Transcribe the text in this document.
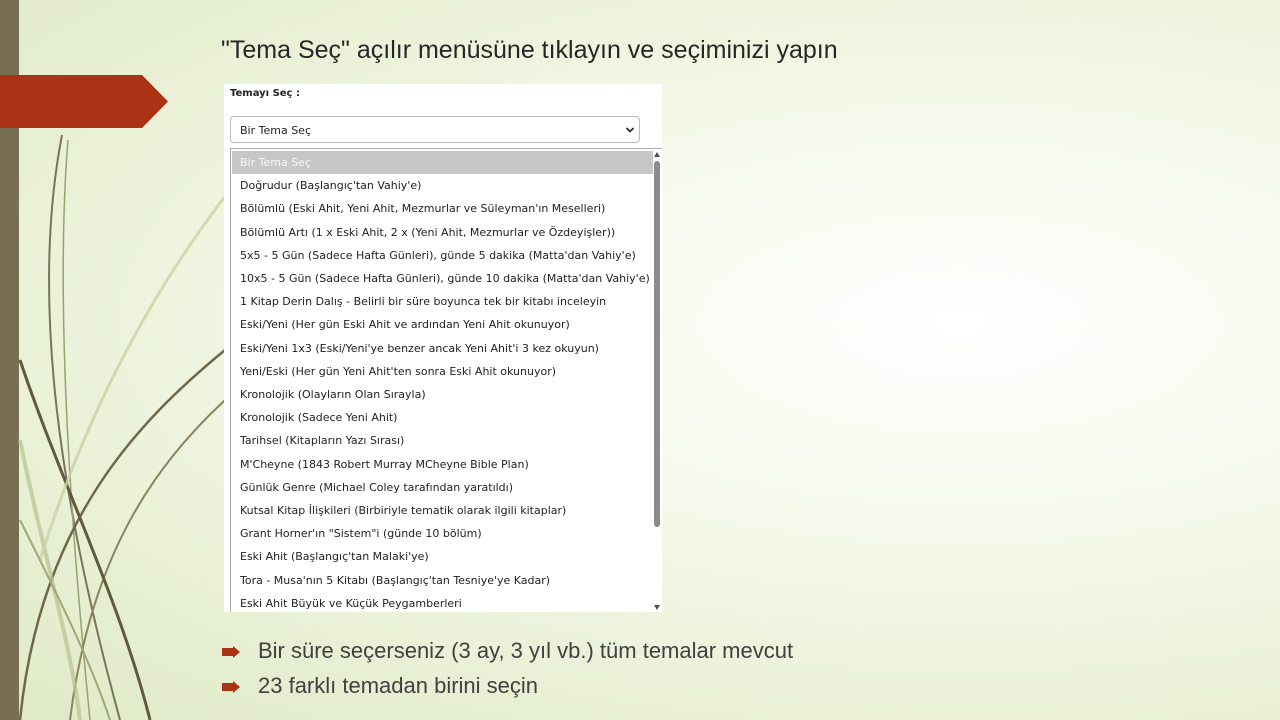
"Tema Seç" açılır menüsüne tıklayın ve seçiminizi yapın
Temayı Seç :
Bir Tema Seç
Bir Tema Seç
Doğrudur (Başlangıç'tan Vahiy'e)
Bölümlü (Eski Ahit, Yeni Ahit, Mezmurlar ve Süleyman'ın Meselleri)
Bölümlü Artı (1 x Eski Ahit, 2 x (Yeni Ahit, Mezmurlar ve Özdeyişler))
5x5 - 5 Gün (Sadece Hafta Günleri), günde 5 dakika (Matta'dan Vahiy'e)
10x5 - 5 Gün (Sadece Hafta Günleri), günde 10 dakika (Matta'dan Vahiy'e)
1 Kitap Derin Dalış - Belirli bir süre boyunca tek bir kitabı inceleyin
Eski/Yeni (Her gün Eski Ahit ve ardından Yeni Ahit okunuyor)
Eski/Yeni 1x3 (Eski/Yeni'ye benzer ancak Yeni Ahit'i 3 kez okuyun)
Yeni/Eski (Her gün Yeni Ahit'ten sonra Eski Ahit okunuyor)
Kronolojik (Olayların Olan Sırayla)
Kronolojik (Sadece Yeni Ahit)
Tarihsel (Kitapların Yazı Sırası)
M'Cheyne (1843 Robert Murray MCheyne Bible Plan)
Günlük Genre (Michael Coley tarafından yaratıldı)
Kutsal Kitap İlişkileri (Birbiriyle tematik olarak ilgili kitaplar)
Grant Horner'ın "Sistem"i (günde 10 bölüm)
Eski Ahit (Başlangıç'tan Malaki'ye)
Tora - Musa'nın 5 Kitabı (Başlangıç'tan Tesniye'ye Kadar)
Eski Ahit Büyük ve Küçük Peygamberleri
Bir süre seçerseniz (3 ay, 3 yıl vb.) tüm temalar mevcut
23 farklı temadan birini seçin
